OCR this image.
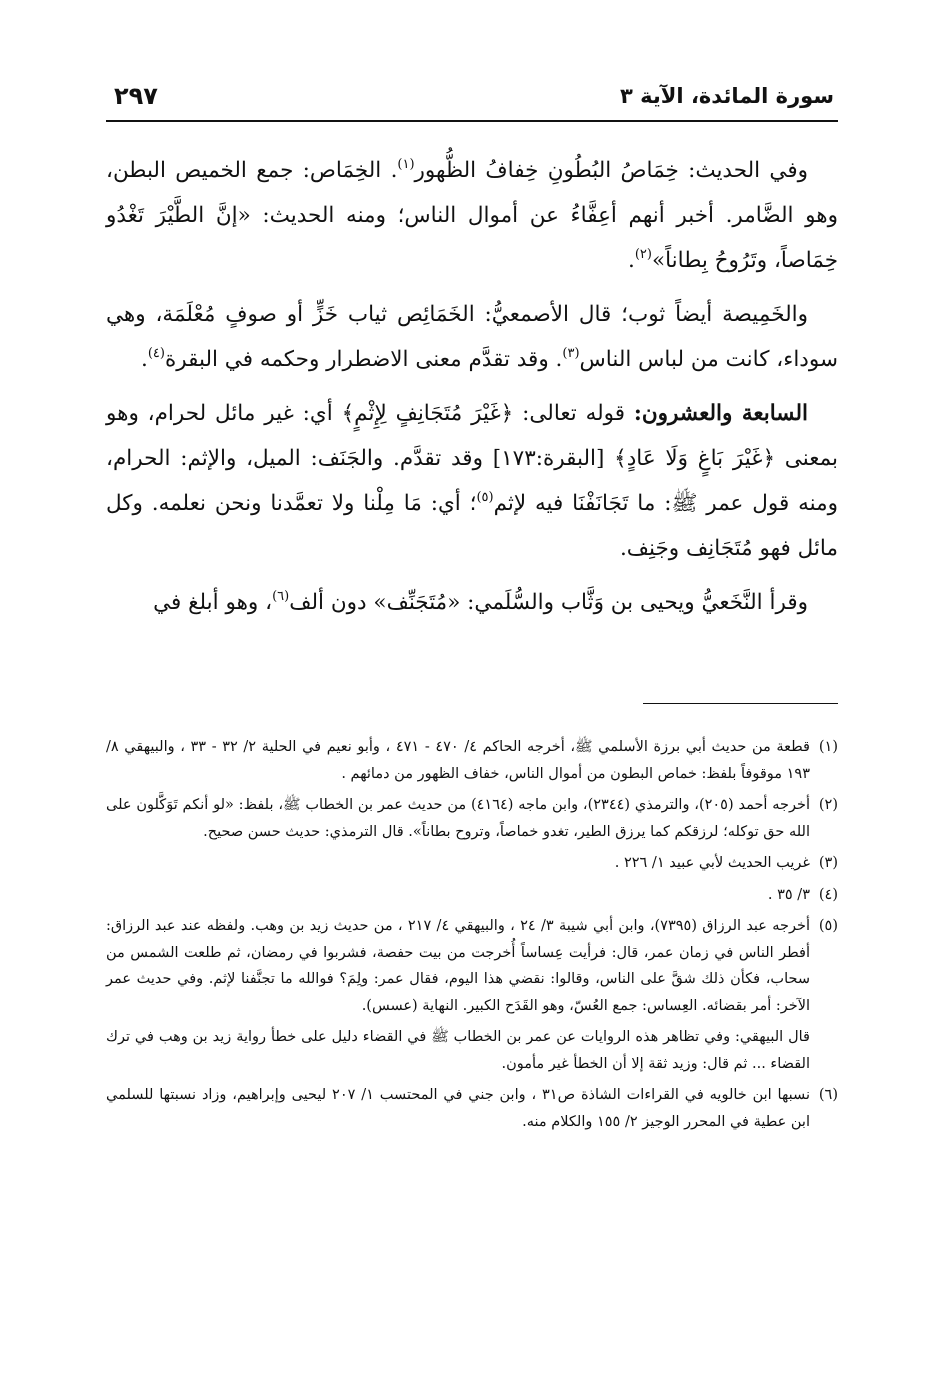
سورة المائدة، الآية ٣
٢٩٧

وفي الحديث: خِمَاصُ البُطُونِ خِفافُ الظُّهور$^{(١)}$. الخِمَاص: جمع الخميص البطن، وهو الضَّامر. أخبر أنهم أعِفَّاءُ عن أموال الناس؛ ومنه الحديث: «إنَّ الطَّيْرَ تَغْدُو خِمَاصاً، وتَرُوحُ بِطاناً»$^{(٢)}$.

والخَمِيصة أيضاً ثوب؛ قال الأصمعيُّ: الخَمَائِص ثياب خَزٍّ أو صوفٍ مُعْلَمَة، وهي سوداء، كانت من لباس الناس$^{(٣)}$. وقد تقدَّم معنى الاضطرار وحكمه في البقرة$^{(٤)}$.

السابعة والعشرون: قوله تعالى: ﴿غَيْرَ مُتَجَانِفٍ لِإِثْمٍ﴾ أي: غير مائل لحرام، وهو بمعنى ﴿غَيْرَ بَاغٍ وَلَا عَادٍ﴾ [البقرة:١٧٣] وقد تقدَّم. والجَنَف: الميل، والإثم: الحرام، ومنه قول عمر ﷺ: ما تَجَانَفْنَا فيه لإثم$^{(٥)}$؛ أي: مَا مِلْنا ولا تعمَّدنا ونحن نعلمه. وكل مائل فهو مُتَجَانِف وجَنِف.

وقرأ النَّخَعيُّ ويحيى بن وَثَّاب والسُّلَمي: «مُتَجَنِّف» دون ألف$^{(٦)}$، وهو أبلغ في

(١)
قطعة من حديث أبي برزة الأسلمي ﷺ، أخرجه الحاكم ٤/ ٤٧٠ - ٤٧١ ، وأبو نعيم في الحلية ٢/ ٣٢ - ٣٣ ، والبيهقي ٨/ ١٩٣ موقوفاً بلفظ: خماص البطون من أموال الناس، خفاف الظهور من دمائهم .
(٢)
أخرجه أحمد (٢٠٥)، والترمذي (٢٣٤٤)، وابن ماجه (٤١٦٤) من حديث عمر بن الخطاب ﷺ، بلفظ: «لو أنكم تَوَكَّلون على الله حق توكله؛ لرزقكم كما يرزق الطير، تغدو خماصاً، وتروح بطاناً». قال الترمذي: حديث حسن صحيح.
(٣)
غريب الحديث لأبي عبيد ١/ ٢٢٦ .
(٤)
٣/ ٣٥ .
(٥)
أخرجه عبد الرزاق (٧٣٩٥)، وابن أبي شيبة ٣/ ٢٤ ، والبيهقي ٤/ ٢١٧ ، من حديث زيد بن وهب. ولفظه عند عبد الرزاق: أفطر الناس في زمان عمر، قال: فرأيت عِساساً أُخرجت من بيت حفصة، فشربوا في رمضان، ثم طلعت الشمس من سحاب، فكأن ذلك شقَّ على الناس، وقالوا: نقضي هذا اليوم، فقال عمر: ولِمَ؟ فوالله ما تجنَّفنا لإثم. وفي حديث عمر الآخر: أمر بقضائه. العِساس: جمع العُسّ، وهو القَدَح الكبير. النهاية (عسس).
قال البيهقي: وفي تظاهر هذه الروايات عن عمر بن الخطاب ﷺ في القضاء دليل على خطأ رواية زيد بن وهب في ترك القضاء ... ثم قال: وزيد ثقة إلا أن الخطأ غير مأمون.
(٦)
نسبها ابن خالويه في القراءات الشاذة ص٣١ ، وابن جني في المحتسب ١/ ٢٠٧ ليحيى وإبراهيم، وزاد نسبتها للسلمي ابن عطية في المحرر الوجيز ٢/ ١٥٥ والكلام منه.
